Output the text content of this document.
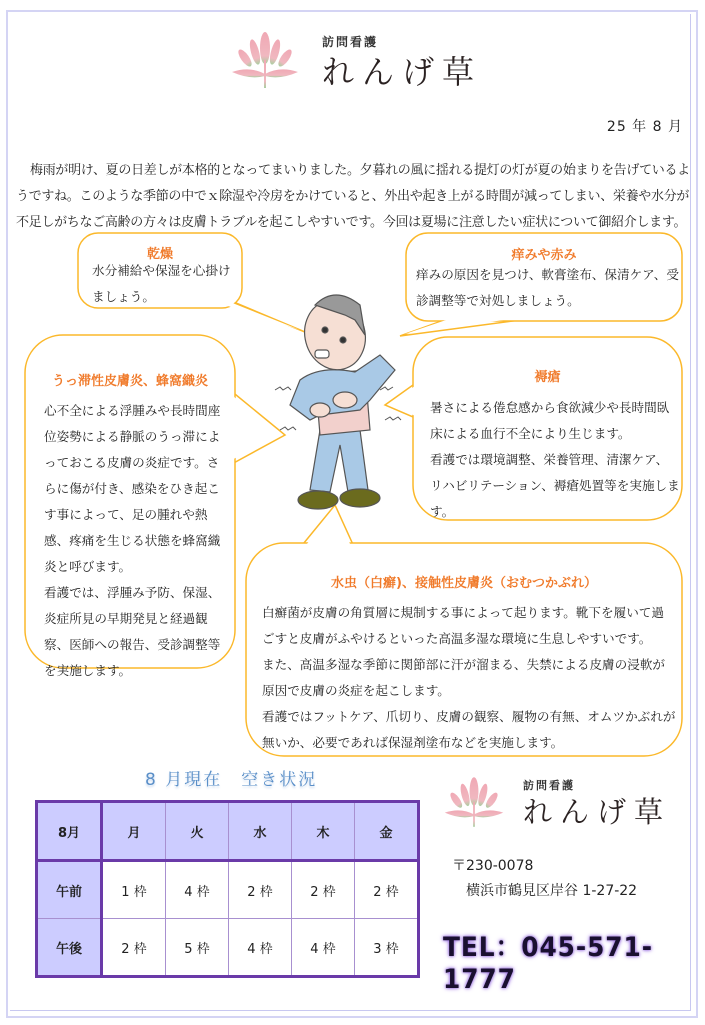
訪問看護
れんげ草
25 年 8 月
梅雨が明け、夏の日差しが本格的となってまいりました。夕暮れの風に揺れる提灯の灯が夏の始まりを告げているようですね。このような季節の中でｘ除湿や冷房をかけていると、外出や起き上がる時間が減ってしまい、栄養や水分が不足しがちなご高齢の方々は皮膚トラブルを起こしやすいです。今回は夏場に注意したい症状について御紹介します。
乾燥
水分補給や保湿を心掛けましょう。
痒みや赤み
痒みの原因を見つけ、軟膏塗布、保清ケア、受診調整等で対処しましょう。
褥瘡
暑さによる倦怠感から食欲減少や長時間臥床による血行不全により生じます。
看護では環境調整、栄養管理、清潔ケア、リハビリテーション、褥瘡処置等を実施します。
うっ滞性皮膚炎、蜂窩織炎
心不全による浮腫みや長時間座位姿勢による静脈のうっ滞によっておこる皮膚の炎症です。さらに傷が付き、感染をひき起こす事によって、足の腫れや熱感、疼痛を生じる状態を蜂窩織炎と呼びます。
看護では、浮腫み予防、保湿、炎症所見の早期発見と経過観察、医師への報告、受診調整等を実施します。
水虫（白癬)、接触性皮膚炎（おむつかぶれ）
白癬菌が皮膚の角質層に規制する事によって起ります。靴下を履いて過ごすと皮膚がふやけるといった高温多湿な環境に生息しやすいです。
また、高温多湿な季節に関節部に汗が溜まる、失禁による皮膚の浸軟が原因で皮膚の炎症を起こします。
看護ではフットケア、爪切り、皮膚の観察、履物の有無、オムツかぶれが無いか、必要であれば保湿剤塗布などを実施します。
8 月現在　空き状況
8月	月	火	水	木	金
午前	1 枠	4 枠	2 枠	2 枠	2 枠
午後	2 枠	5 枠	4 枠	4 枠	3 枠
訪問看護
れんげ草
〒230-0078
横浜市鶴見区岸谷 1-27-22
TEL：045-571-1777
